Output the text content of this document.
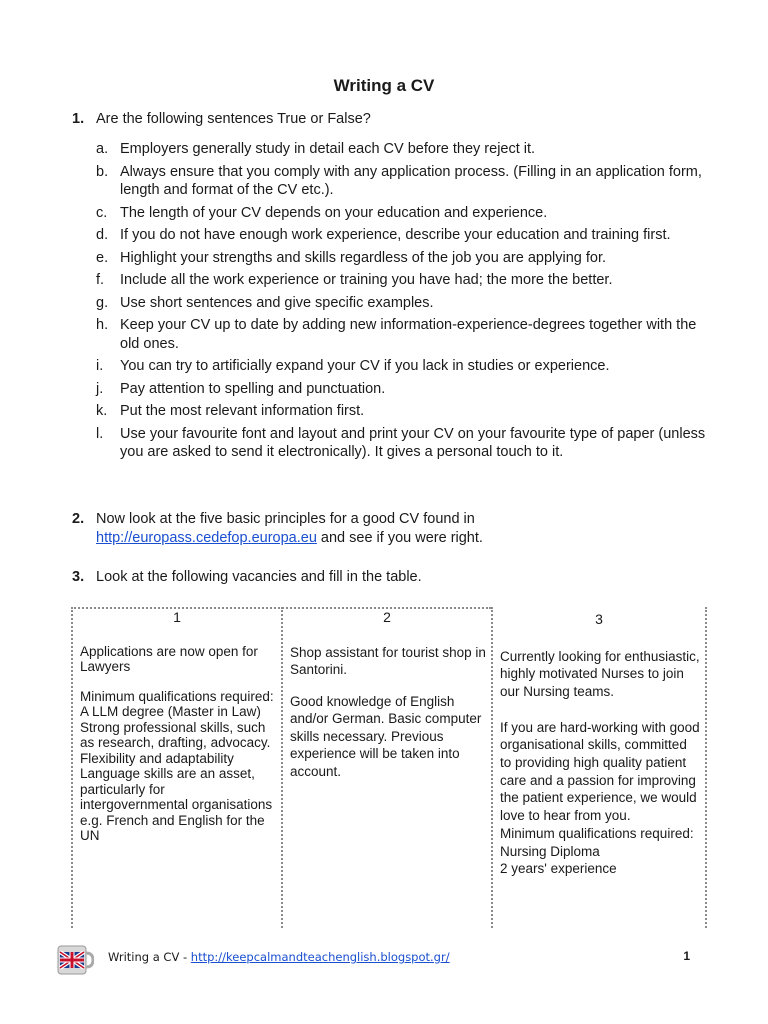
Writing a CV
1. Are the following sentences True or False?
a. Employers generally study in detail each CV before they reject it.
b. Always ensure that you comply with any application process. (Filling in an application form, length and format of the CV etc.).
c. The length of your CV depends on your education and experience.
d. If you do not have enough work experience, describe your education and training first.
e. Highlight your strengths and skills regardless of the job you are applying for.
f. Include all the work experience or training you have had; the more the better.
g. Use short sentences and give specific examples.
h. Keep your CV up to date by adding new information-experience-degrees together with the old ones.
i. You can try to artificially expand your CV if you lack in studies or experience.
j. Pay attention to spelling and punctuation.
k. Put the most relevant information first.
l. Use your favourite font and layout and print your CV on your favourite type of paper (unless you are asked to send it electronically). It gives a personal touch to it.
2. Now look at the five basic principles for a good CV found in
http://europass.cedefop.europa.eu and see if you were right.
3. Look at the following vacancies and fill in the table.
1

Applications are now open for Lawyers

Minimum qualifications required:

A LLM degree (Master in Law)

Strong professional skills, such as research, drafting, advocacy.

Flexibility and adaptability

Language skills are an asset, particularly for intergovernmental organisations e.g. French and English for the UN

2

Shop assistant for tourist shop in Santorini.

Good knowledge of English and/or German. Basic computer skills necessary. Previous experience will be taken into account.

3

Currently looking for enthusiastic, highly motivated Nurses to join our Nursing teams.

If you are hard-working with good organisational skills, committed to providing high quality patient care and a passion for improving the patient experience, we would love to hear from you.

Minimum qualifications required:

Nursing Diploma

2 years' experience

Writing a CV - http://keepcalmandteachenglish.blogspot.gr/	1
